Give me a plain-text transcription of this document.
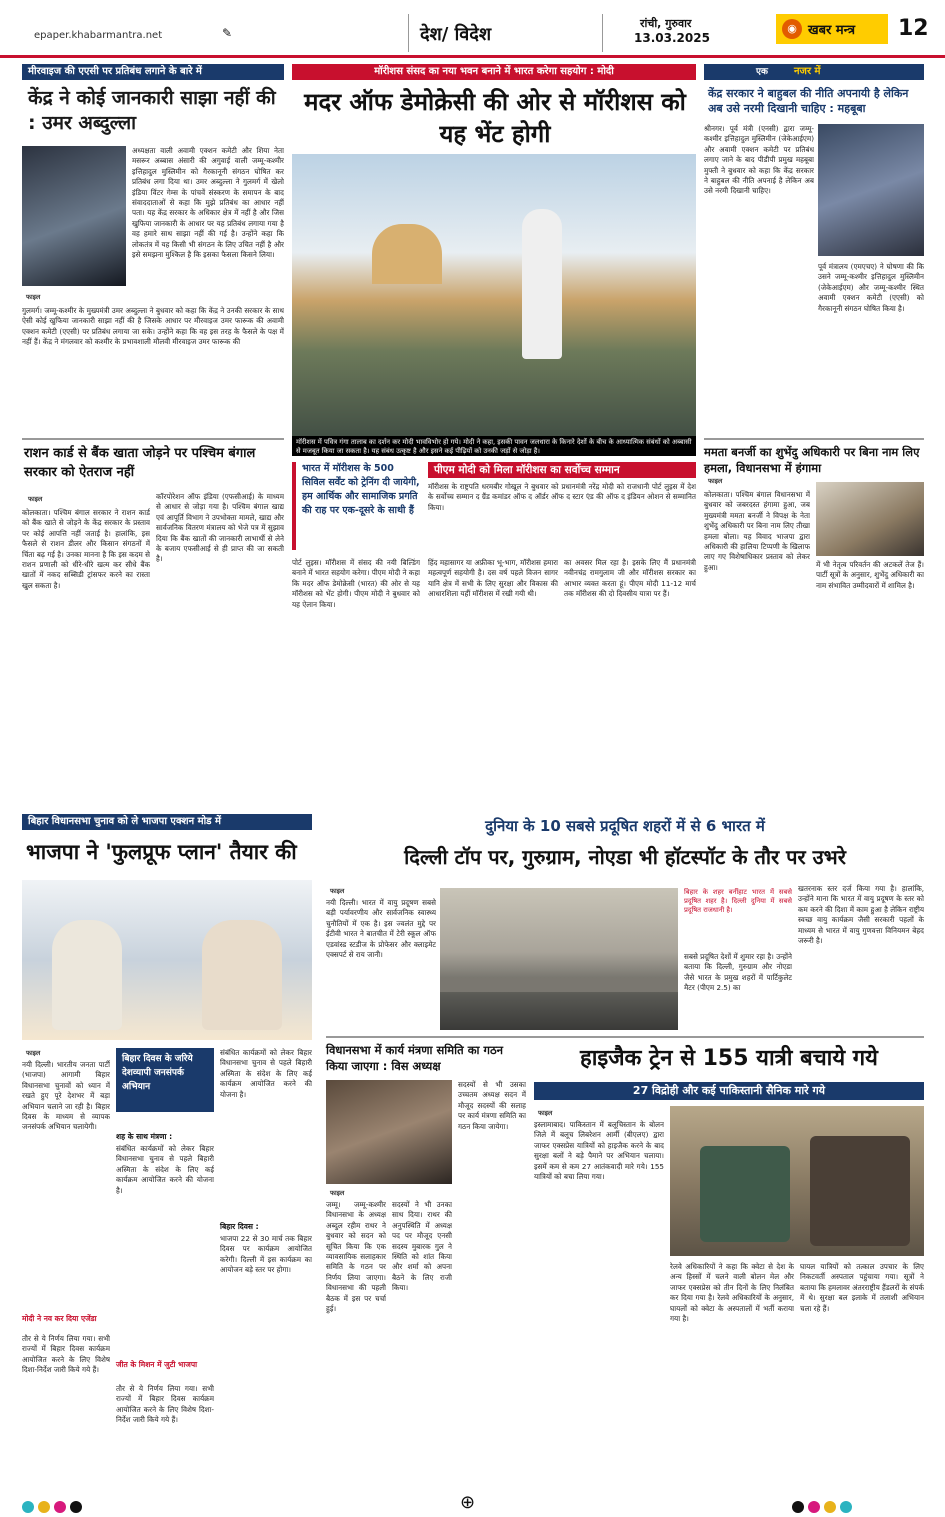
epaper.khabarmantra.net	✎	देश/ विदेश
रांची, गुरुवार
13.03.2025
◉ खबर मन्त्र 12
मीरवाइज की एएसी पर प्रतिबंध लगाने के बारे में
केंद्र ने कोई जानकारी साझा नहीं की : उमर अब्दुल्ला
फाइल
गुलमर्ग। जम्मू-कश्मीर के मुख्यमंत्री उमर अब्दुल्ला ने बुधवार को कहा कि केंद्र ने उनकी सरकार के साथ ऐसी कोई खुफिया जानकारी साझा नहीं की है जिसके आधार पर मीरवाइज उमर फारूक की अवामी एक्शन कमेटी (एएसी) पर प्रतिबंध लगाया जा सके। उन्होंने कहा कि वह इस तरह के फैसले के पक्ष में नहीं हैं। केंद्र ने मंगलवार को कश्मीर के प्रभावशाली मौलवी मीरवाइज उमर फारूक की
अध्यक्षता वाली अवामी एक्शन कमेटी और शिया नेता मसरूर अब्बास अंसारी की अगुवाई वाली जम्मू-कश्मीर इत्तिहादुल मुस्लिमीन को गैरकानूनी संगठन घोषित कर प्रतिबंध लगा दिया था। उमर अब्दुल्ला ने गुलमर्ग में खेलो इंडिया विंटर गेम्स के पांचवें संस्करण के समापन के बाद संवाददाताओं से कहा कि मुझे प्रतिबंध का आधार नहीं पता। यह केंद्र सरकार के अधिकार क्षेत्र में नहीं है और जिस खुफिया जानकारी के आधार पर यह प्रतिबंध लगाया गया है वह हमारे साथ साझा नहीं की गई है। उन्होंने कहा कि लोकतंत्र में यह किसी भी संगठन के लिए उचित नहीं है और इसे समझना मुश्किल है कि इसका फैसला किसने लिया।
मॉरीशस संसद का नया भवन बनाने में भारत करेगा सहयोग : मोदी
मदर ऑफ डेमोक्रेसी की ओर से मॉरीशस को यह भेंट होगी
मॉरीशस में पवित्र गंगा तालाब का दर्शन कर मोदी भावविभोर हो गये। मोदी ने कहा, इसकी पावन जलधारा के किनारे देशों के बीच के आध्यात्मिक संबंधों को अब्बासी से मजबूत किया जा सकता है। यह संबंध उत्कृष्ट है और इसने कई पीढ़ियों को उनकी जड़ों से जोड़ा है।
भारत में मॉरीशस के 500 सिविल सर्वेंट को ट्रेनिंग दी जायेगी, हम आर्थिक और सामाजिक प्रगति की राह पर एक-दूसरे के साथी हैं
पीएम मोदी को मिला मॉरीशस का सर्वोच्च सम्मान
मॉरीशस के राष्ट्रपति धरमबीर गोखूल ने बुधवार को प्रधानमंत्री नरेंद्र मोदी को राजधानी पोर्ट लुइस में देश के सर्वोच्च सम्मान द ग्रैंड कमांडर ऑफ द ऑर्डर ऑफ द स्टार एंड की ऑफ द इंडियन ओशन से सम्मानित किया।
पोर्ट लुइस। मॉरीशस में संसद की नयी बिल्डिंग बनाने में भारत सहयोग करेगा। पीएम मोदी ने कहा कि मदर ऑफ डेमोक्रेसी (भारत) की ओर से यह मॉरीशस को भेंट होगी। पीएम मोदी ने बुधवार को यह ऐलान किया।
हिंद महासागर या अफ्रीका भू-भाग, मॉरीशस हमारा महत्वपूर्ण सहयोगी है। दस वर्ष पहले विजन सागर यानि क्षेत्र में सभी के लिए सुरक्षा और विकास की आधारशिला यहीं मॉरीशस में रखी गयी थी।
का अवसर मिल रहा है। इसके लिए मैं प्रधानमंत्री नवीनचंद्र रामगुलाम जी और मॉरीशस सरकार का आभार व्यक्त करता हूं। पीएम मोदी 11-12 मार्च तक मॉरीशस की दो दिवसीय यात्रा पर हैं।
एक	नजर में
केंद्र सरकार ने बाहुबल की नीति अपनायी है लेकिन अब उसे नरमी दिखानी चाहिए : महबूबा
श्रीनगर। पूर्व मंत्री (एनसी) द्वारा जम्मू-कश्मीर इत्तिहादुल मुस्लिमीन (जेकेआईएम) और अवामी एक्शन कमेटी पर प्रतिबंध लगाए जाने के बाद पीडीपी प्रमुख महबूबा मुफ्ती ने बुधवार को कहा कि केंद्र सरकार ने बाहुबल की नीति अपनाई है लेकिन अब उसे नरमी दिखानी चाहिए।
पूर्व मंत्रालय (एमएचए) ने घोषणा की कि उसने जम्मू-कश्मीर इत्तिहादुल मुस्लिमीन (जेकेआईएम) और जम्मू-कश्मीर स्थित अवामी एक्शन कमेटी (एएसी) को गैरकानूनी संगठन घोषित किया है।
राशन कार्ड से बैंक खाता जोड़ने पर पश्चिम बंगाल सरकार को ऐतराज नहीं
फाइल
कोलकाता। पश्चिम बंगाल सरकार ने राशन कार्ड को बैंक खाते से जोड़ने के केंद्र सरकार के प्रस्ताव पर कोई आपत्ति नहीं जताई है। हालांकि, इस फैसले से राशन डीलर और किसान संगठनों में चिंता बढ़ गई है। उनका मानना है कि इस कदम से राशन प्रणाली को धीरे-धीरे खत्म कर सीधे बैंक खातों में नकद सब्सिडी ट्रांसफर करने का रास्ता खुल सकता है।
कॉरपोरेशन ऑफ इंडिया (एफसीआई) के माध्यम से आधार से जोड़ा गया है। पश्चिम बंगाल खाद्य एवं आपूर्ति विभाग ने उपभोक्ता मामले, खाद्य और सार्वजनिक वितरण मंत्रालय को भेजे पत्र में सुझाव दिया कि बैंक खातों की जानकारी लाभार्थी से लेने के बजाय एफसीआई से ही प्राप्त की जा सकती है।
ममता बनर्जी का शुभेंदु अधिकारी पर बिना नाम लिए हमला, विधानसभा में हंगामा
फाइल
कोलकाता। पश्चिम बंगाल विधानसभा में बुधवार को जबरदस्त हंगामा हुआ, जब मुख्यमंत्री ममता बनर्जी ने विपक्ष के नेता शुभेंदु अधिकारी पर बिना नाम लिए तीखा हमला बोला। यह विवाद भाजपा द्वारा अधिकारी की हालिया टिप्पणी के खिलाफ लाए गए विशेषाधिकार प्रस्ताव को लेकर हुआ।	में भी नेतृत्व परिवर्तन की अटकलें तेज हैं। पार्टी सूत्रों के अनुसार, शुभेंदु अधिकारी का नाम संभावित उम्मीदवारों में शामिल है।
बिहार विधानसभा चुनाव को ले भाजपा एक्शन मोड में
भाजपा ने 'फुलप्रूफ प्लान' तैयार की
फाइल
नयी दिल्ली। भारतीय जनता पार्टी (भाजपा) आगामी बिहार विधानसभा चुनावों को ध्यान में रखते हुए पूरे देशभर में बड़ा अभियान चलाने जा रही है। बिहार दिवस के माध्यम से व्यापक जनसंपर्क अभियान चलायेगी।
मोदी ने नव कर दिया एजेंडा
तौर से ये निर्णय लिया गया। सभी राज्यों में बिहार दिवस कार्यक्रम आयोजित करने के लिए विशेष दिशा-निर्देश जारी किये गये हैं।
बिहार दिवस के जरिये देशव्यापी जनसंपर्क अभियान
शह के साथ मंत्रणा :
संबंधित कार्यक्रमों को लेकर बिहार विधानसभा चुनाव से पहले बिहारी अस्मिता के संदेश के लिए कई कार्यक्रम आयोजित करने की योजना है।
जीत के मिशन में जुटी भाजपा
तौर से ये निर्णय लिया गया। सभी राज्यों में बिहार दिवस कार्यक्रम आयोजित करने के लिए विशेष दिशा-निर्देश जारी किये गये हैं।
संबंधित कार्यक्रमों को लेकर बिहार विधानसभा चुनाव से पहले बिहारी अस्मिता के संदेश के लिए कई कार्यक्रम आयोजित करने की योजना है।
बिहार दिवस :
भाजपा 22 से 30 मार्च तक बिहार दिवस पर कार्यक्रम आयोजित करेगी। दिल्ली में इस कार्यक्रम का आयोजन बड़े स्तर पर होगा।
दुनिया के 10 सबसे प्रदूषित शहरों में से 6 भारत में
दिल्ली टॉप पर, गुरुग्राम, नोएडा भी हॉटस्पॉट के तौर पर उभरे
फाइल
नयी दिल्ली। भारत में वायु प्रदूषण सबसे बड़ी पर्यावरणीय और सार्वजनिक स्वास्थ्य चुनौतियों में एक है। इस ज्वलंत मुद्दे पर ईटीवी भारत ने बातचीत में टेरी स्कूल ऑफ एडवांस्ड स्टडीज के प्रोफेसर और क्लाइमेट एक्सपर्ट से राय जानी।
बिहार के शहर बर्नीहाट भारत में सबसे प्रदूषित शहर है। दिल्ली दुनिया में सबसे प्रदूषित राजधानी है।
सबसे प्रदूषित देशों में शुमार रहा है। उन्होंने बताया कि दिल्ली, गुरुग्राम और नोएडा जैसे भारत के प्रमुख शहरों में पार्टिकुलेट मैटर (पीएम 2.5) का
खतरनाक स्तर दर्ज किया गया है। हालांकि, उन्होंने माना कि भारत में वायु प्रदूषण के स्तर को कम करने की दिशा में काम हुआ है लेकिन राष्ट्रीय स्वच्छ वायु कार्यक्रम जैसी सरकारी पहलों के माध्यम से भारत में वायु गुणवत्ता विनियमन बेहद जरूरी है।
विधानसभा में कार्य मंत्रणा समिति का गठन किया जाएगा : विस अध्यक्ष
फाइल
जम्मू। जम्मू-कश्मीर विधानसभा के अध्यक्ष अब्दुल रहीम राथर ने बुधवार को सदन को सूचित किया कि एक व्यावसायिक सलाहकार समिति के गठन पर निर्णय लिया जाएगा। विधानसभा की पहली बैठक में इस पर चर्चा हुई।
सदस्यों ने भी उनका साथ दिया। राथर की अनुपस्थिति में अध्यक्ष पद पर मौजूद एनसी सदस्य मुबारक गुल ने स्थिति को शांत किया और शर्मा को अपना बैठने के लिए राजी किया।
सदस्यों से भी उसका उच्चतम अध्यक्ष सदन में मौजूद सदस्यों की सलाह पर कार्य मंत्रणा समिति का गठन किया जायेगा।
हाइजैक ट्रेन से 155 यात्री बचाये गये
27 विद्रोही और कई पाकिस्तानी सैनिक मारे गये
फाइल
इस्लामाबाद। पाकिस्तान में बलूचिस्तान के बोलन जिले में बलूच लिबरेशन आर्मी (बीएलए) द्वारा जाफर एक्सप्रेस यात्रियों को हाइजैक करने के बाद सुरक्षा बलों ने बड़े पैमाने पर अभियान चलाया। इसमें कम से कम 27 आतंकवादी मारे गये। 155 यात्रियों को बचा लिया गया।
रेलवे अधिकारियों ने कहा कि क्वेटा से देश के अन्य हिस्सों में चलने वाली बोलन मेल और जाफर एक्सप्रेस को तीन दिनों के लिए निलंबित कर दिया गया है। रेलवे अधिकारियों के अनुसार, घायलों को क्वेटा के अस्पतालों में भर्ती कराया गया है।
घायल यात्रियों को तत्काल उपचार के लिए निकटवर्ती अस्पताल पहुंचाया गया। सूत्रों ने बताया कि हमलावर अंतरराष्ट्रीय हैंडलरों के संपर्क में थे। सुरक्षा बल इलाके में तलाशी अभियान चला रहे हैं।
⊕
